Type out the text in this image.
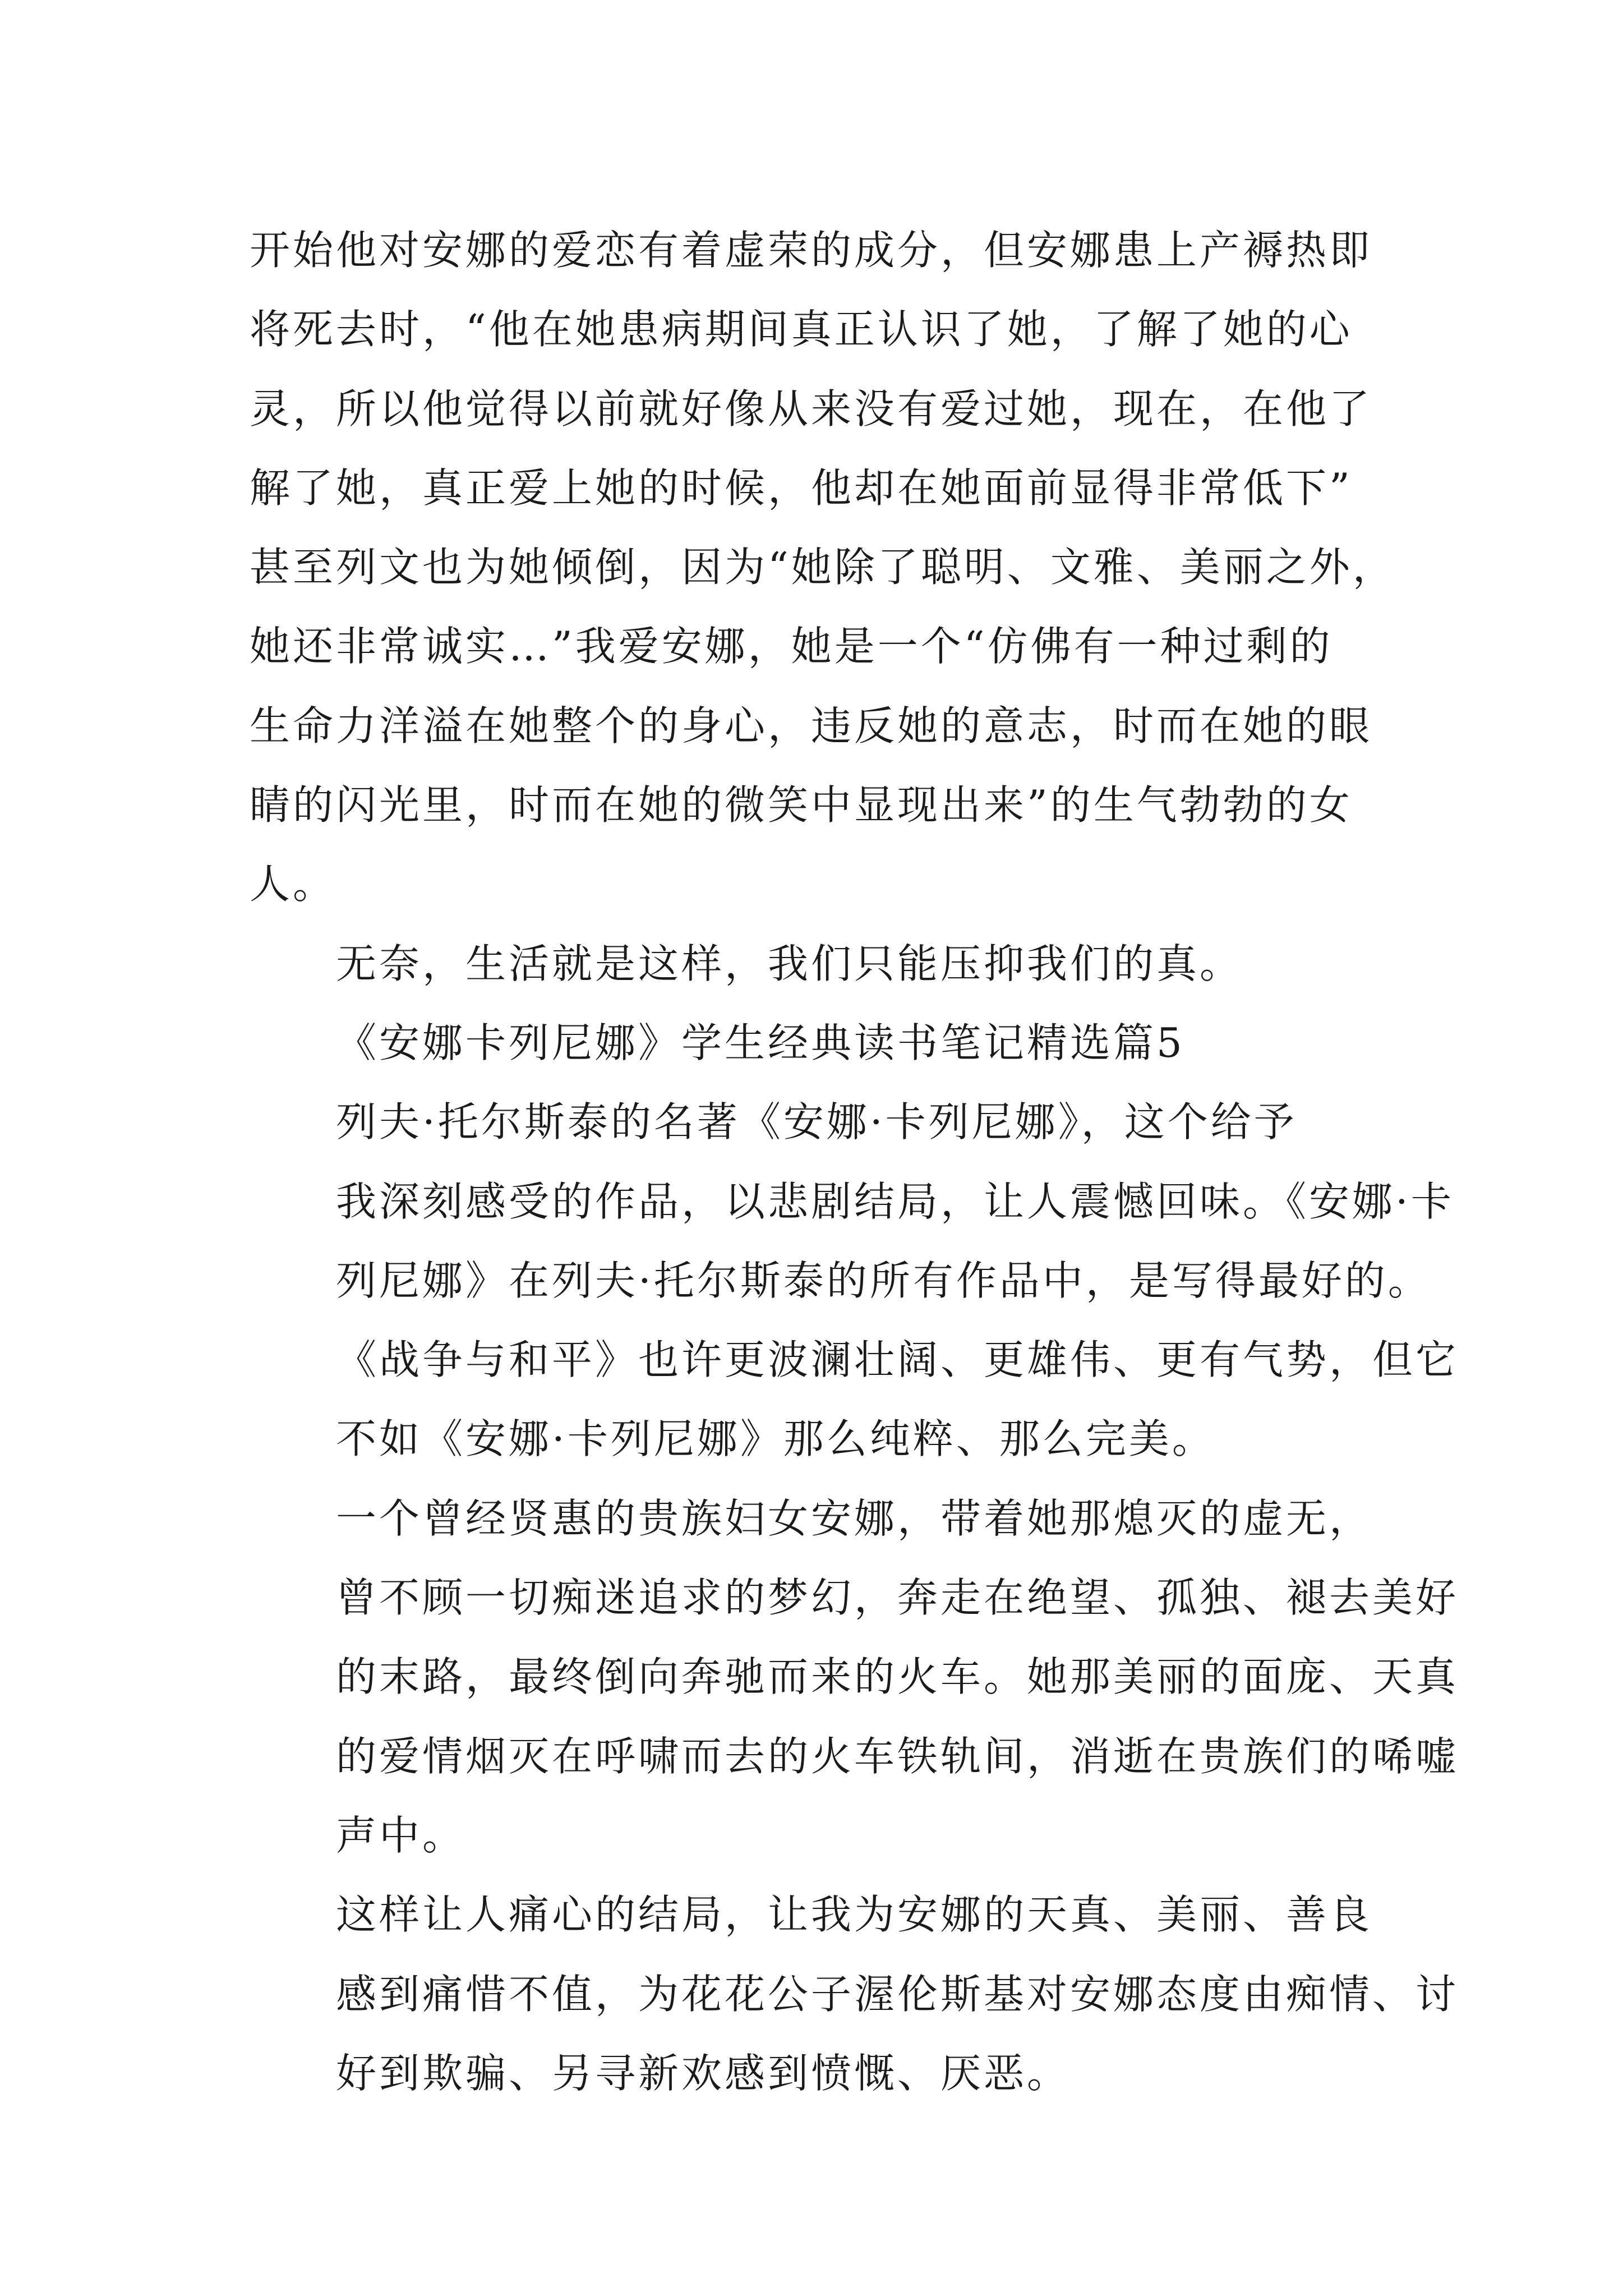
开始他对安娜的爱恋有着虚荣的成分，但安娜患上产褥热即
将死去时，“他在她患病期间真正认识了她，了解了她的心
灵，所以他觉得以前就好像从来没有爱过她，现在，在他了
解了她，真正爱上她的时候，他却在她面前显得非常低下”
甚至列文也为她倾倒，因为“她除了聪明、文雅、美丽之外，
她还非常诚实…”我爱安娜，她是一个“仿佛有一种过剩的
生命力洋溢在她整个的身心，违反她的意志，时而在她的眼
睛的闪光里，时而在她的微笑中显现出来”的生气勃勃的女
人。

无奈，生活就是这样，我们只能压抑我们的真。

《安娜卡列尼娜》学生经典读书笔记精选篇5

列夫·托尔斯泰的名著《安娜·卡列尼娜》，这个给予
我深刻感受的作品，以悲剧结局，让人震憾回味。《安娜·卡
列尼娜》在列夫·托尔斯泰的所有作品中，是写得最好的。
《战争与和平》也许更波澜壮阔、更雄伟、更有气势，但它
不如《安娜·卡列尼娜》那么纯粹、那么完美。

一个曾经贤惠的贵族妇女安娜，带着她那熄灭的虚无，
曾不顾一切痴迷追求的梦幻，奔走在绝望、孤独、褪去美好
的末路，最终倒向奔驰而来的火车。她那美丽的面庞、天真
的爱情烟灭在呼啸而去的火车铁轨间，消逝在贵族们的唏嘘
声中。

这样让人痛心的结局，让我为安娜的天真、美丽、善良
感到痛惜不值，为花花公子渥伦斯基对安娜态度由痴情、讨
好到欺骗、另寻新欢感到愤慨、厌恶。
